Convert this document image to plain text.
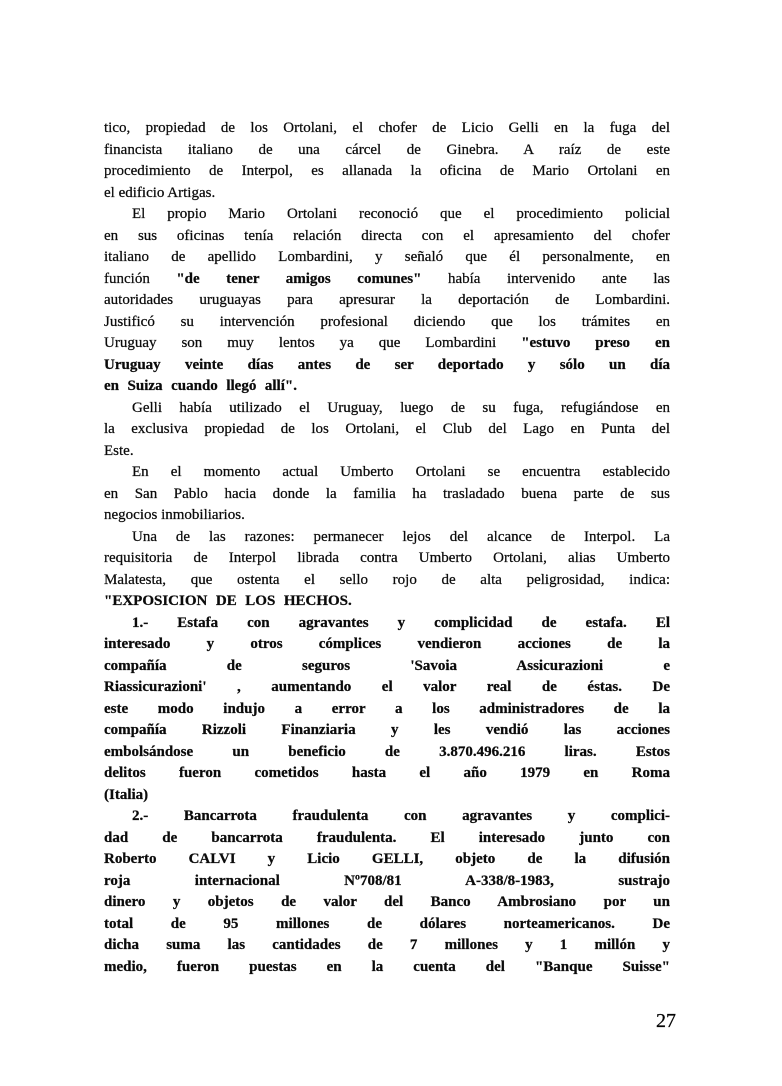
tico, propiedad de los Ortolani, el chofer de Licio Gelli en la fuga del
financista italiano de una cárcel de Ginebra. A raíz de este
procedimiento de Interpol, es allanada la oficina de Mario Ortolani en
el edificio Artigas.
El propio Mario Ortolani reconoció que el procedimiento policial
en sus oficinas tenía relación directa con el apresamiento del chofer
italiano de apellido Lombardini, y señaló que él personalmente, en
función "de tener amigos comunes" había intervenido ante las
autoridades uruguayas para apresurar la deportación de Lombardini.
Justificó su intervención profesional diciendo que los trámites en
Uruguay son muy lentos ya que Lombardini "estuvo preso en
Uruguay veinte días antes de ser deportado y sólo un día
en Suiza cuando llegó allí".
Gelli había utilizado el Uruguay, luego de su fuga, refugiándose en
la exclusiva propiedad de los Ortolani, el Club del Lago en Punta del
Este.
En el momento actual Umberto Ortolani se encuentra establecido
en San Pablo hacia donde la familia ha trasladado buena parte de sus
negocios inmobiliarios.
Una de las razones: permanecer lejos del alcance de Interpol. La
requisitoria de Interpol librada contra Umberto Ortolani, alias Umberto
Malatesta, que ostenta el sello rojo de alta peligrosidad, indica:
"EXPOSICION DE LOS HECHOS.
1.- Estafa con agravantes y complicidad de estafa. El
interesado y otros cómplices vendieron acciones de la
compañía de seguros 'Savoia Assicurazioni e
Riassicurazioni' , aumentando el valor real de éstas. De
este modo indujo a error a los administradores de la
compañía Rizzoli Finanziaria y les vendió las acciones
embolsándose un beneficio de 3.870.496.216 liras. Estos
delitos fueron cometidos hasta el año 1979 en Roma
(Italia)
2.- Bancarrota fraudulenta con agravantes y complici-
dad de bancarrota fraudulenta. El interesado junto con
Roberto CALVI y Licio GELLI, objeto de la difusión
roja internacional Nº708/81 A-338/8-1983, sustrajo
dinero y objetos de valor del Banco Ambrosiano por un
total de 95 millones de dólares norteamericanos. De
dicha suma las cantidades de 7 millones y 1 millón y
medio, fueron puestas en la cuenta del "Banque Suisse"
27
